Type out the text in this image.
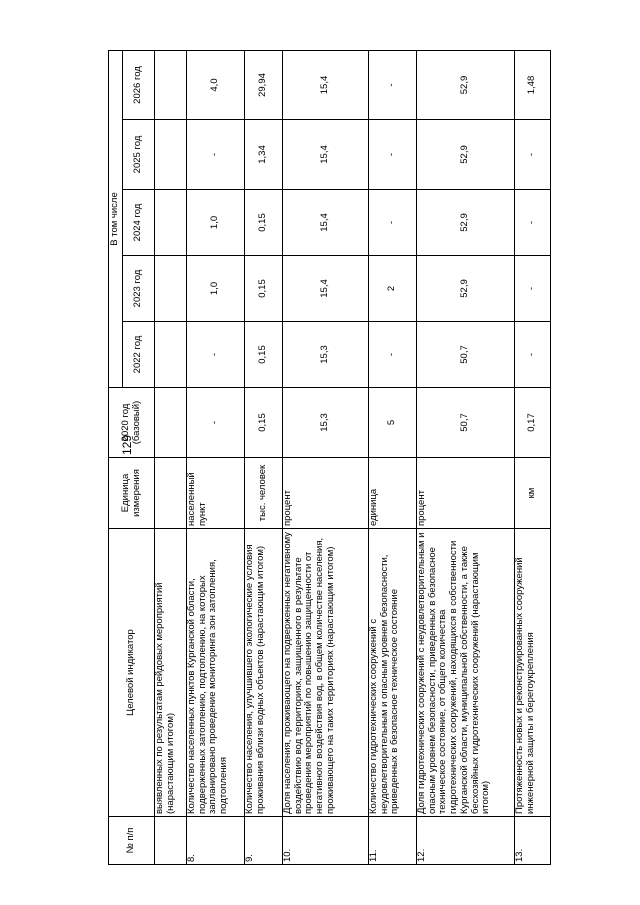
129
№ п/п	Целевой индикатор	Единица измерения	2020 год (базовый)	В том числе				
				2022 год	2023 год	2024 год	2025 год	2026 год
	выявленных по результатам рейдовых мероприятий (нарастающим итогом)							
8.	Количество населенных пунктов Курганской области, подверженных затоплению, подтоплению, на которых запланировано проведение мониторинга зон затопления, подтопления	населенный пункт	-	-	1,0	1,0	-	4,0
9.	Количество населения, улучшившего экологические условия проживания вблизи водных объектов (нарастающим итогом)	тыс. человек	0,15	0,15	0,15	0,15	1,34	29,94
10.	Доля населения, проживающего на подверженных негативному воздействию вод территориях, защищенного в результате проведения мероприятий по повышению защищенности от негативного воздействия вод, в общем количестве населения, проживающего на таких территориях (нарастающим итогом)	процент	15,3	15,3	15,4	15,4	15,4	15,4
11.	Количество гидротехнических сооружений с неудовлетворительным и опасным уровнем безопасности, приведенных в безопасное техническое состояние	единица	5	-	2	-	-	-
12.	Доля гидротехнических сооружений с неудовлетворительным и опасным уровнем безопасности, приведенных в безопасное техническое состояние, от общего количества гидротехнических сооружений, находящихся в собственности Курганской области, муниципальной собственности, а также бесхозяйных гидротехнических сооружений (нарастающим итогом)	процент	50,7	50,7	52,9	52,9	52,9	52,9
13.	Протяженность новых и реконструированных сооружений инженерной защиты и берегоукрепления	км	0,17	-	-	-	-	1,48
